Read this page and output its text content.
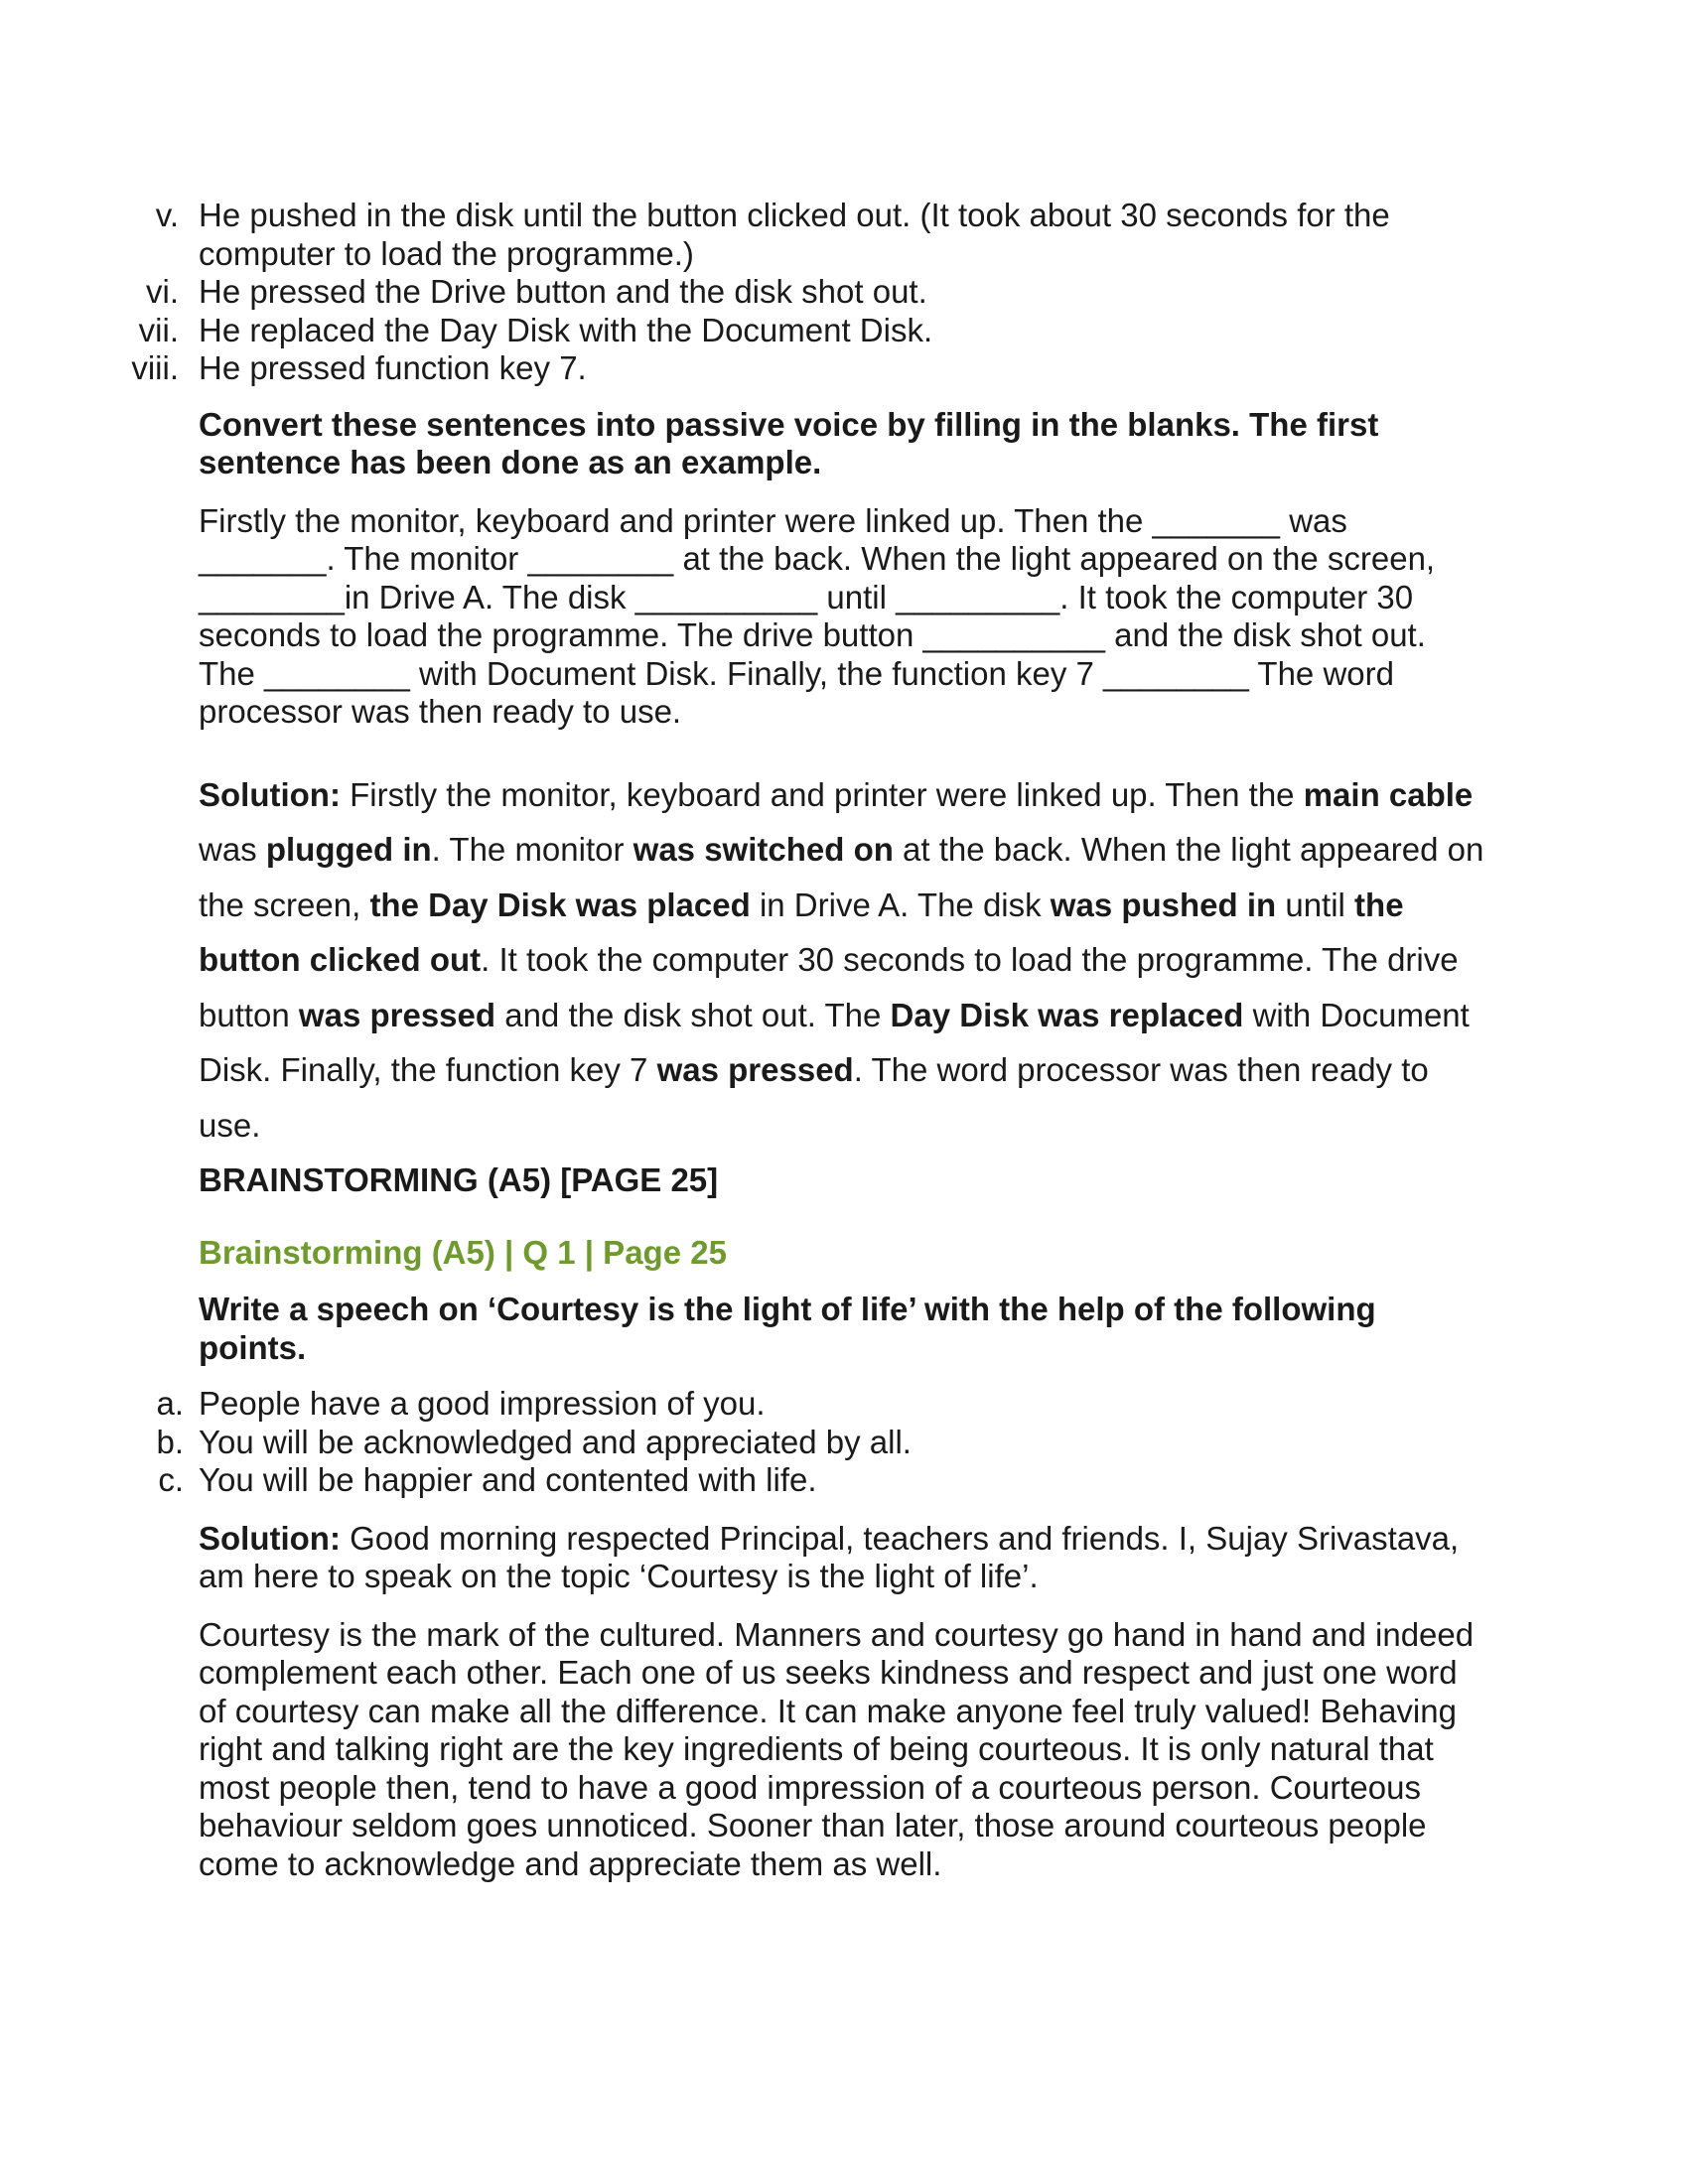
v. He pushed in the disk until the button clicked out. (It took about 30 seconds for the computer to load the programme.)
vi. He pressed the Drive button and the disk shot out.
vii. He replaced the Day Disk with the Document Disk.
viii. He pressed function key 7.
Convert these sentences into passive voice by filling in the blanks. The first sentence has been done as an example.
Firstly the monitor, keyboard and printer were linked up. Then the _______ was
_______. The monitor ________ at the back. When the light appeared on the screen,
________in Drive A. The disk __________ until _________. It took the computer 30
seconds to load the programme. The drive button __________ and the disk shot out.
The ________ with Document Disk. Finally, the function key 7 ________ The word
processor was then ready to use.
Solution: Firstly the monitor, keyboard and printer were linked up. Then the main cable was plugged in. The monitor was switched on at the back. When the light appeared on the screen, the Day Disk was placed in Drive A. The disk was pushed in until the button clicked out. It took the computer 30 seconds to load the programme. The drive button was pressed and the disk shot out. The Day Disk was replaced with Document Disk. Finally, the function key 7 was pressed. The word processor was then ready to use.
BRAINSTORMING (A5) [PAGE 25]
Brainstorming (A5) | Q 1 | Page 25
Write a speech on ‘Courtesy is the light of life’ with the help of the following points.
a. People have a good impression of you.
b. You will be acknowledged and appreciated by all.
c. You will be happier and contented with life.
Solution: Good morning respected Principal, teachers and friends. I, Sujay Srivastava, am here to speak on the topic ‘Courtesy is the light of life’.
Courtesy is the mark of the cultured. Manners and courtesy go hand in hand and indeed complement each other. Each one of us seeks kindness and respect and just one word of courtesy can make all the difference. It can make anyone feel truly valued! Behaving right and talking right are the key ingredients of being courteous. It is only natural that most people then, tend to have a good impression of a courteous person. Courteous behaviour seldom goes unnoticed. Sooner than later, those around courteous people come to acknowledge and appreciate them as well.
